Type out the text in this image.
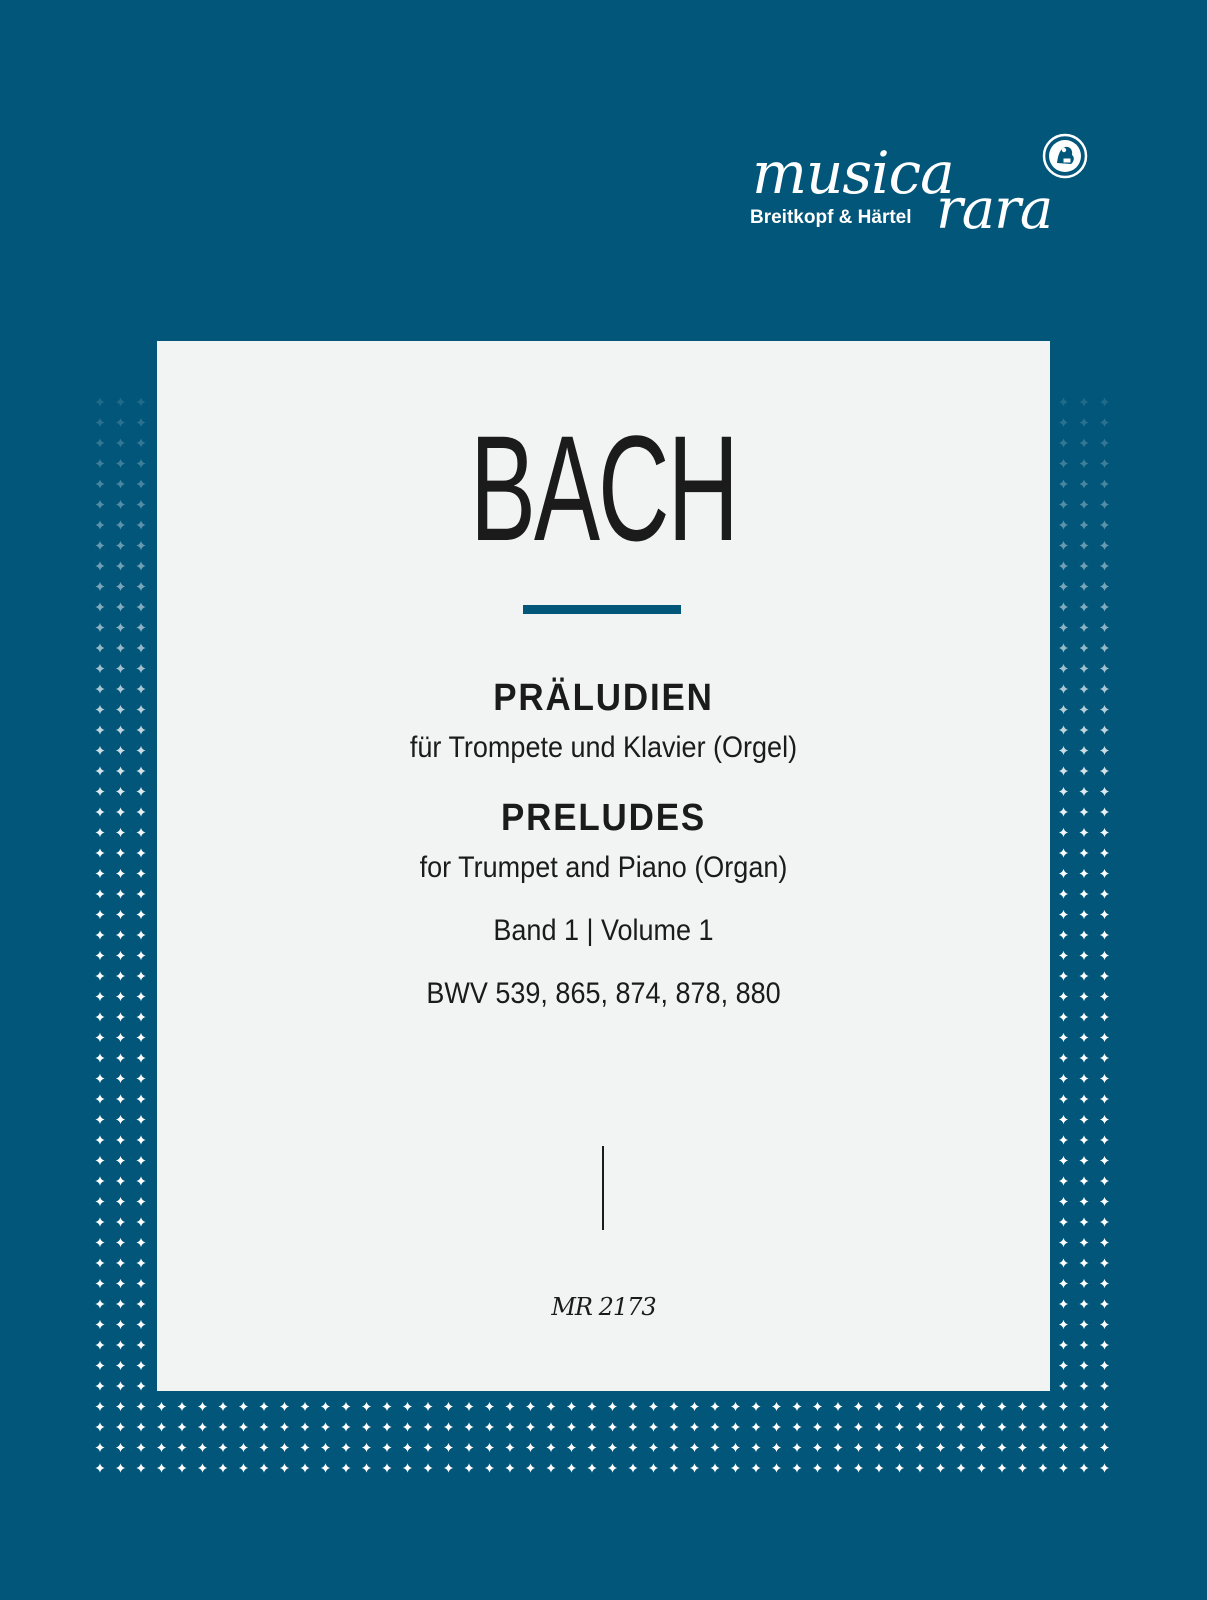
musica
rara
Breitkopf & Härtel
BACH
PRÄLUDIEN
für Trompete und Klavier (Orgel)
PRELUDES
for Trumpet and Piano (Organ)
Band 1 | Volume 1
BWV 539, 865, 874, 878, 880
MR 2173
